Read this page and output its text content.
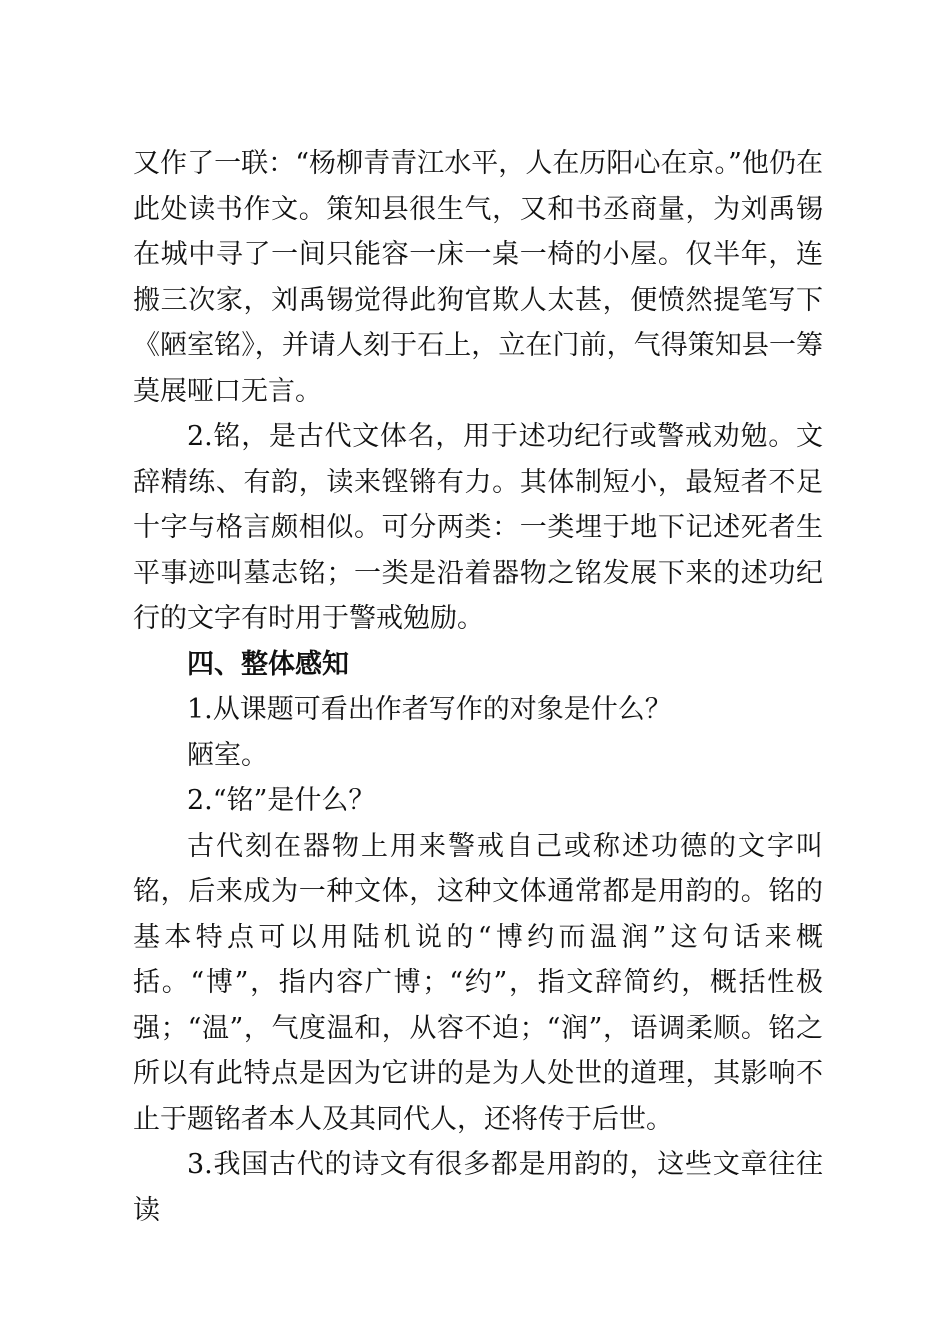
又作了一联：“杨柳青青江水平，人在历阳心在京。”他仍在此处读书作文。策知县很生气，又和书丞商量，为刘禹锡在城中寻了一间只能容一床一桌一椅的小屋。仅半年，连搬三次家，刘禹锡觉得此狗官欺人太甚，便愤然提笔写下《陋室铭》，并请人刻于石上，立在门前，气得策知县一筹莫展哑口无言。

2.铭，是古代文体名，用于述功纪行或警戒劝勉。文辞精练、有韵，读来铿锵有力。其体制短小，最短者不足十字与格言颇相似。可分两类：一类埋于地下记述死者生平事迹叫墓志铭；一类是沿着器物之铭发展下来的述功纪行的文字有时用于警戒勉励。

四、整体感知

1.从课题可看出作者写作的对象是什么？

陋室。

2.“铭”是什么？

古代刻在器物上用来警戒自己或称述功德的文字叫铭，后来成为一种文体，这种文体通常都是用韵的。铭的基本特点可以用陆机说的“博约而温润”这句话来概括。“博”，指内容广博；“约”，指文辞简约，概括性极强；“温”，气度温和，从容不迫；“润”，语调柔顺。铭之所以有此特点是因为它讲的是为人处世的道理，其影响不止于题铭者本人及其同代人，还将传于后世。

3.我国古代的诗文有很多都是用韵的，这些文章往往读
